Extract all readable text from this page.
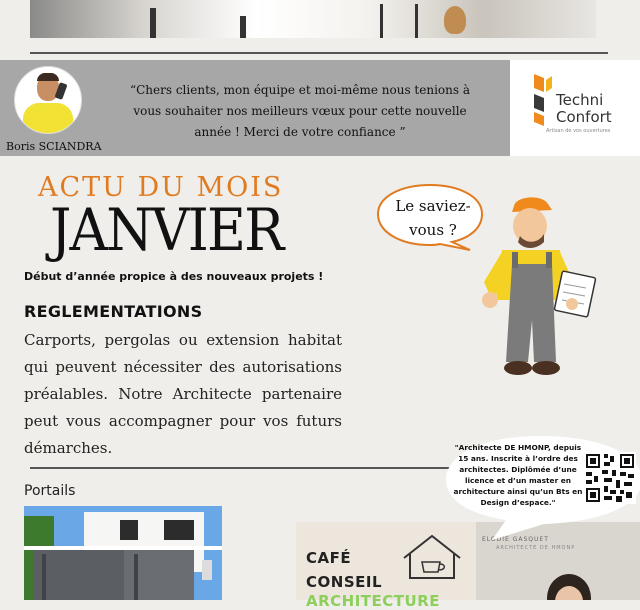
Boris SCIANDRA
“Chers clients, mon équipe et moi-même nous tenions à vous souhaiter nos meilleurs vœux pour cette nouvelle année ! Merci de votre confiance ”
Techni
Confort
Artisan de vos ouvertures
ACTU DU MOIS
JANVIER
Début d’année propice à des nouveaux projets !
REGLEMENTATIONS
Carports, pergolas ou extension habitat qui peuvent nécessiter des autorisations préalables. Notre Architecte partenaire peut vous accompagner pour vos futurs démarches.
Le saviez-
vous ?
Portails
CAFÉ
CONSEIL
ARCHITECTURE
ELODIE GASQUET
ARCHITECTE DE HMONP
"Architecte DE HMONP, depuis 15 ans. Inscrite à l’ordre des architectes. Diplômée d’une licence et d’un master en architecture ainsi qu’un Bts en Design d’espace."
